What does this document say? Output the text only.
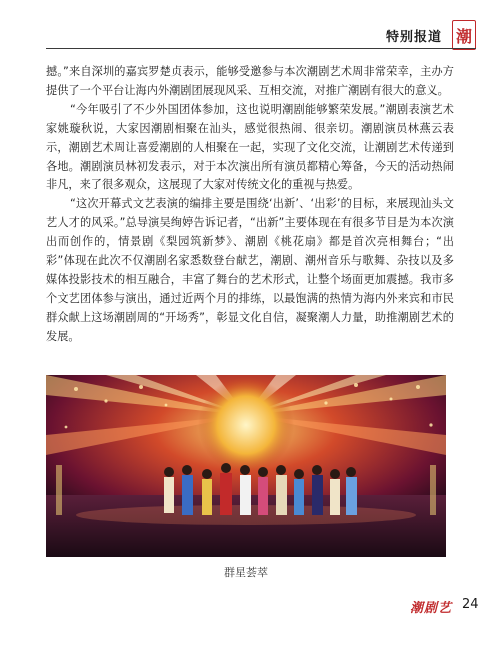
特别报道 潮

撼。”来自深圳的嘉宾罗楚贞表示，能够受邀参与本次潮剧艺术周非常荣幸，主办方提供了一个平台让海内外潮剧团展现风采、互相交流，对推广潮剧有很大的意义。

“今年吸引了不少外国团体参加，这也说明潮剧能够繁荣发展。”潮剧表演艺术家姚璇秋说，大家因潮剧相聚在汕头，感觉很热闹、很亲切。潮剧演员林燕云表示，潮剧艺术周让喜爱潮剧的人相聚在一起，实现了文化交流，让潮剧艺术传递到各地。潮剧演员林初发表示，对于本次演出所有演员都精心筹备，今天的活动热闹非凡，来了很多观众，这展现了大家对传统文化的重视与热爱。

“这次开幕式文艺表演的编排主要是围绕‘出新’、‘出彩’的目标，来展现汕头文艺人才的风采。”总导演吴绚婷告诉记者，“出新”主要体现在有很多节目是为本次演出而创作的，情景剧《梨园筑新梦》、潮剧《桃花扇》都是首次亮相舞台；“出彩”体现在此次不仅潮剧名家悉数登台献艺，潮剧、潮州音乐与歌舞、杂技以及多媒体投影技术的相互融合，丰富了舞台的艺术形式，让整个场面更加震撼。我市多个文艺团体参与演出，通过近两个月的排练，以最饱满的热情为海内外来宾和市民群众献上这场潮剧周的“开场秀”，彰显文化自信，凝聚潮人力量，助推潮剧艺术的发展。

群星荟萃
潮剧艺 24
